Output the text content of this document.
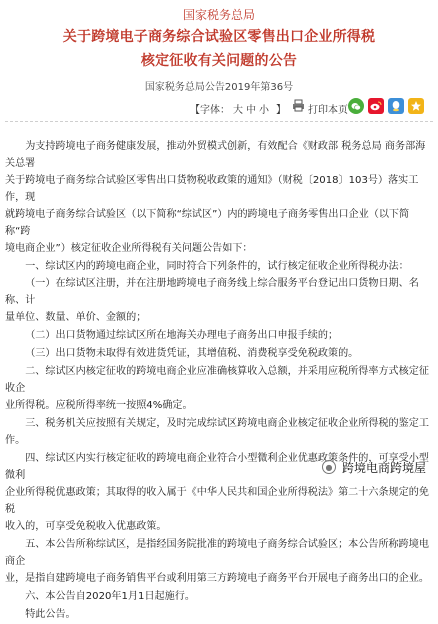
国家税务总局
关于跨境电子商务综合试验区零售出口企业所得税
核定征收有关问题的公告
国家税务总局公告2019年第36号
【 字体： 大 中 小 】 打印本页

为支持跨境电子商务健康发展，推动外贸模式创新，有效配合《财政部 税务总局 商务部海关总署
关于跨境电子商务综合试验区零售出口货物税收政策的通知》（财税〔2018〕103号）落实工作，现
就跨境电子商务综合试验区（以下简称“综试区”）内的跨境电子商务零售出口企业（以下简称“跨
境电商企业”）核定征收企业所得税有关问题公告如下：

一、综试区内的跨境电商企业，同时符合下列条件的，试行核定征收企业所得税办法：
（一）在综试区注册，并在注册地跨境电子商务线上综合服务平台登记出口货物日期、名称、计
量单位、数量、单价、金额的；

（二）出口货物通过综试区所在地海关办理电子商务出口申报手续的；

（三）出口货物未取得有效进货凭证，其增值税、消费税享受免税政策的。

二、综试区内核定征收的跨境电商企业应准确核算收入总额，并采用应税所得率方式核定征收企
业所得税。应税所得率统一按照4%确定。

三、税务机关应按照有关规定，及时完成综试区跨境电商企业核定征收企业所得税的鉴定工作。

四、综试区内实行核定征收的跨境电商企业符合小型微利企业优惠政策条件的，可享受小型微利
企业所得税优惠政策；其取得的收入属于《中华人民共和国企业所得税法》第二十六条规定的免税
收入的，可享受免税收入优惠政策。

五、本公告所称综试区，是指经国务院批准的跨境电子商务综合试验区；本公告所称跨境电商企
业，是指自建跨境电子商务销售平台或利用第三方跨境电子商务平台开展电子商务出口的企业。

六、本公告自2020年1月1日起施行。

特此公告。

● 跨境电商跨境屋
